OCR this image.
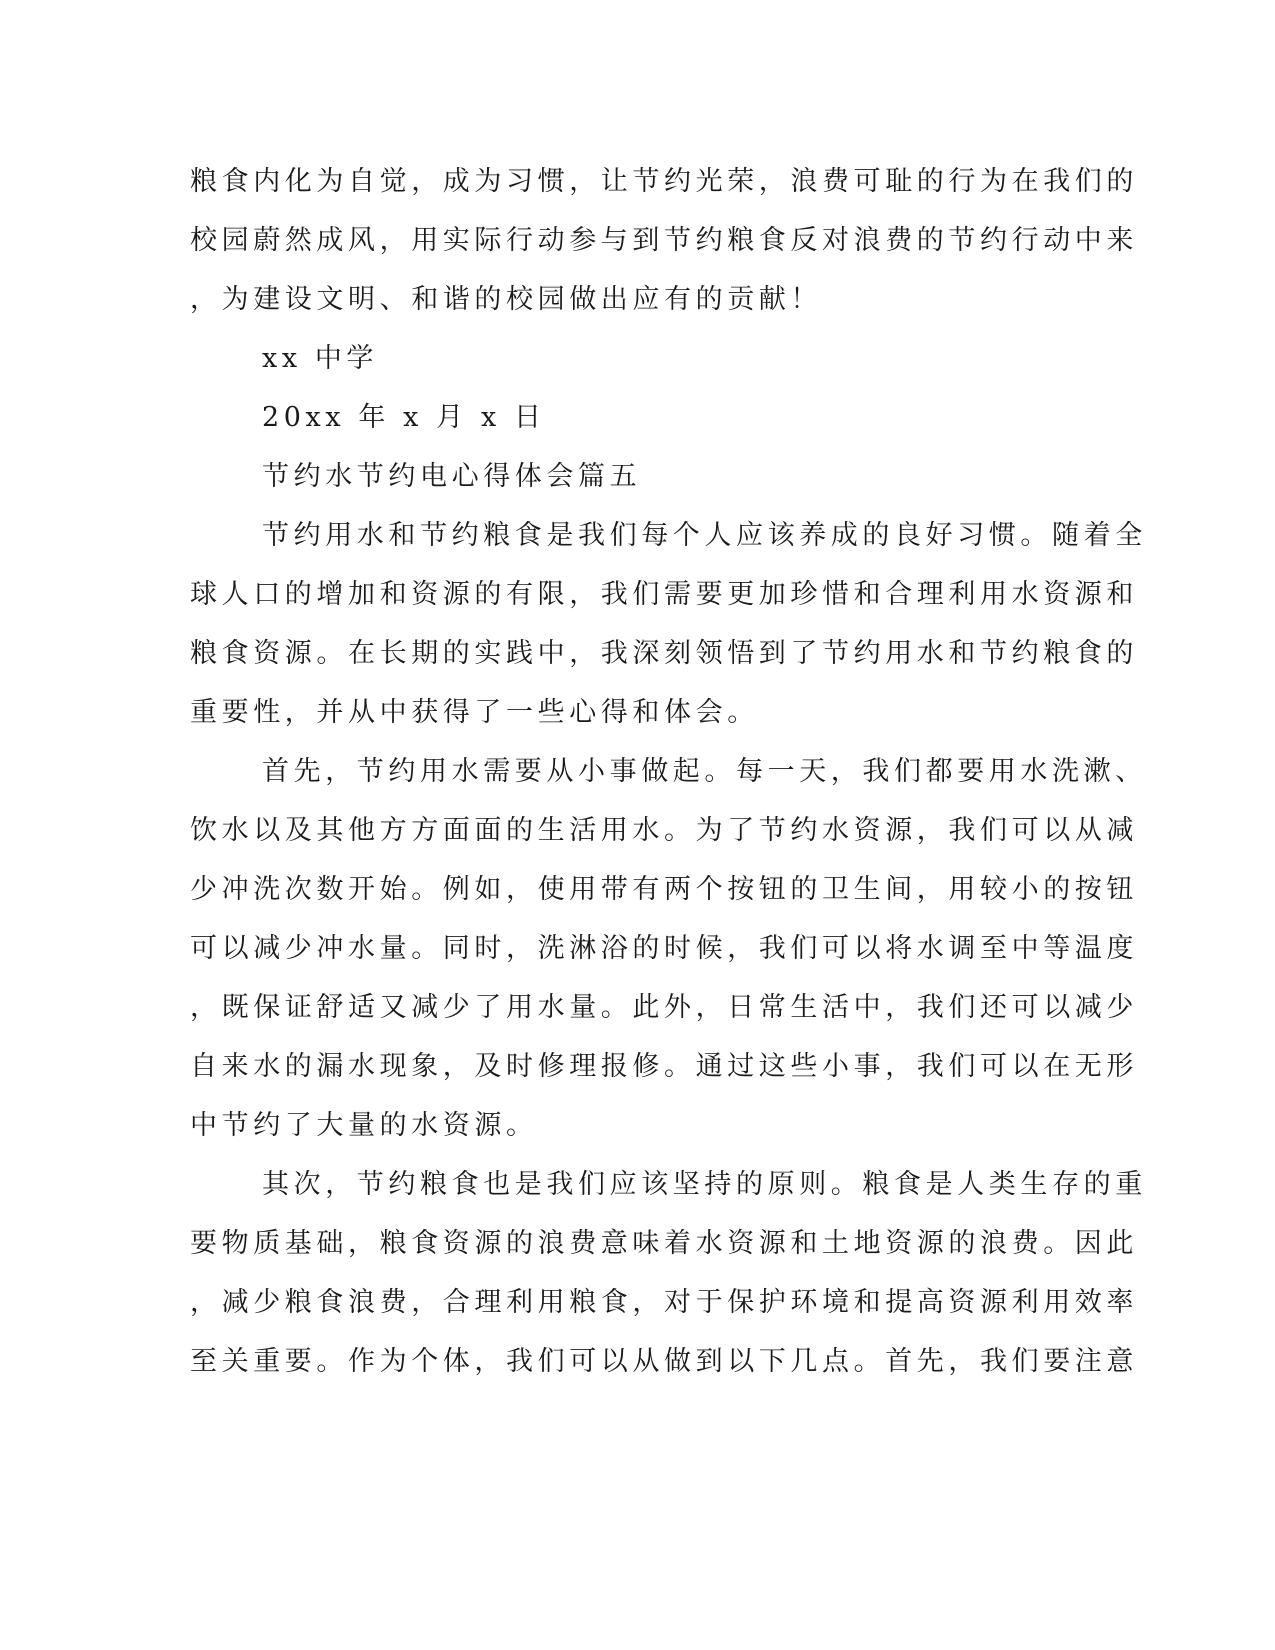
粮食内化为自觉，成为习惯，让节约光荣，浪费可耻的行为在我们的
校园蔚然成风，用实际行动参与到节约粮食反对浪费的节约行动中来
，为建设文明、和谐的校园做出应有的贡献！
xx 中学
20xx 年 x 月 x 日
节约水节约电心得体会篇五
节约用水和节约粮食是我们每个人应该养成的良好习惯。随着全
球人口的增加和资源的有限，我们需要更加珍惜和合理利用水资源和
粮食资源。在长期的实践中，我深刻领悟到了节约用水和节约粮食的
重要性，并从中获得了一些心得和体会。
首先，节约用水需要从小事做起。每一天，我们都要用水洗漱、
饮水以及其他方方面面的生活用水。为了节约水资源，我们可以从减
少冲洗次数开始。例如，使用带有两个按钮的卫生间，用较小的按钮
可以减少冲水量。同时，洗淋浴的时候，我们可以将水调至中等温度
，既保证舒适又减少了用水量。此外，日常生活中，我们还可以减少
自来水的漏水现象，及时修理报修。通过这些小事，我们可以在无形
中节约了大量的水资源。
其次，节约粮食也是我们应该坚持的原则。粮食是人类生存的重
要物质基础，粮食资源的浪费意味着水资源和土地资源的浪费。因此
，减少粮食浪费，合理利用粮食，对于保护环境和提高资源利用效率
至关重要。作为个体，我们可以从做到以下几点。首先，我们要注意
